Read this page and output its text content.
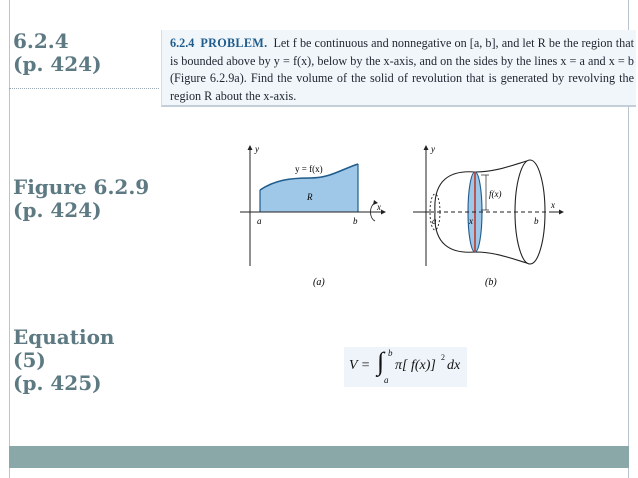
6.2.4
(p. 424)
Figure 6.2.9
(p. 424)
Equation
(5)
(p. 425)

6.2.4 PROBLEM. Let f be continuous and nonnegative on [a, b], and let R be the region that is bounded above by y = f(x), below by the x-axis, and on the sides by the lines x = a and x = b (Figure 6.2.9a). Find the volume of the solid of revolution that is generated by revolving the region R about the x-axis.

y
x
y = f(x)
R
a	b
(a)
y
x
f(x)
a	x	b
(b)
V = ∫ b
a
π[ f(x)]
2
dx
